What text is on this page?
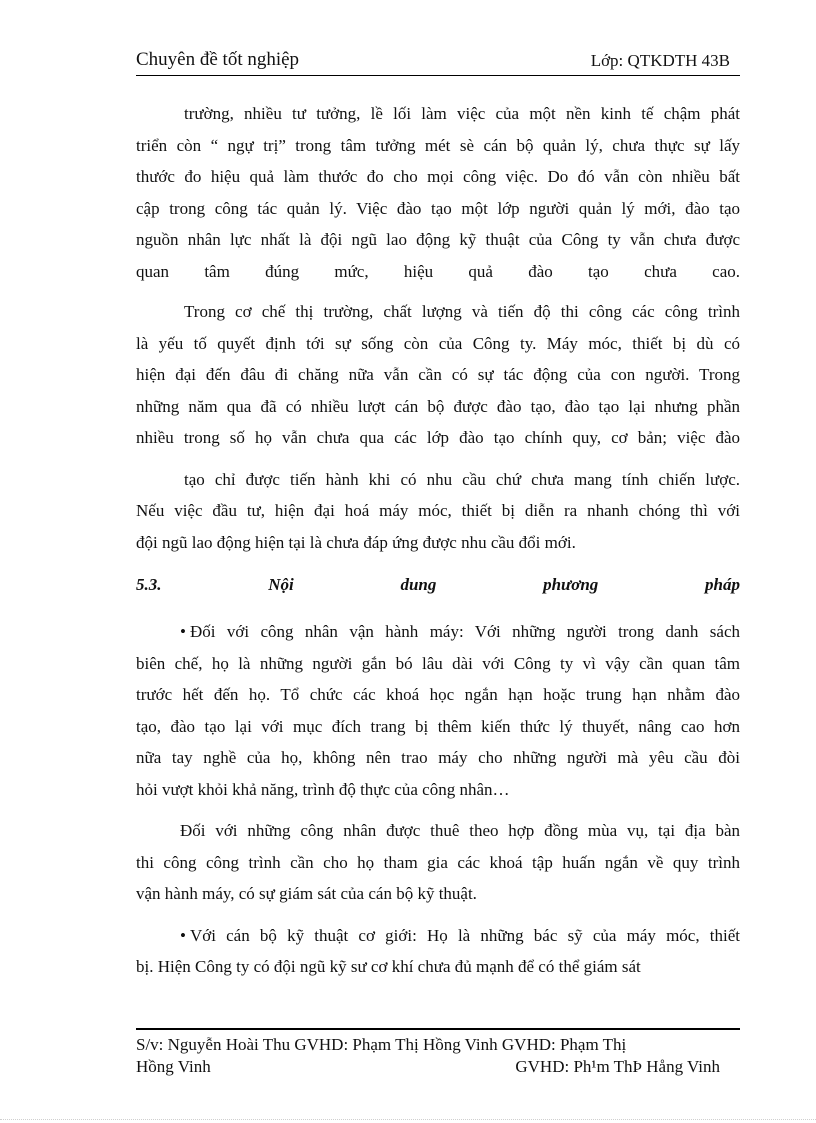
Chuyên đề tốt nghiệp	Lớp: QTKDTH 43B

trường, nhiều tư tưởng, lề lối làm việc của một nền kinh tế chậm phát
triển còn “ ngự trị” trong tâm tưởng mét sè cán bộ quản lý, chưa thực sự lấy
thước đo hiệu quả làm thước đo cho mọi công việc. Do đó vẫn còn nhiều bất
cập trong công tác quản lý. Việc đào tạo một lớp người quản lý mới, đào tạo
nguồn nhân lực nhất là đội ngũ lao động kỹ thuật của Công ty vẫn chưa được
quan tâm đúng mức, hiệu quả đào tạo chưa cao.

Trong cơ chế thị trường, chất lượng và tiến độ thi công các công trình
là yếu tố quyết định tới sự sống còn của Công ty. Máy móc, thiết bị dù có
hiện đại đến đâu đi chăng nữa vẫn cần có sự tác động của con người. Trong
những năm qua đã có nhiều lượt cán bộ được đào tạo, đào tạo lại nhưng phần
nhiều trong số họ vẫn chưa qua các lớp đào tạo chính quy, cơ bản; việc đào

tạo chỉ được tiến hành khi có nhu cầu chứ chưa mang tính chiến lược.
Nếu việc đầu tư, hiện đại hoá máy móc, thiết bị diễn ra nhanh chóng thì với
đội ngũ lao động hiện tại là chưa đáp ứng được nhu cầu đổi mới.

5.3.	Nội	dung	phương	pháp

• Đối với công nhân vận hành máy: Với những người trong danh sách
biên chế, họ là những người gắn bó lâu dài với Công ty vì vậy cần quan tâm
trước hết đến họ. Tổ chức các khoá học ngắn hạn hoặc trung hạn nhằm đào
tạo, đào tạo lại với mục đích trang bị thêm kiến thức lý thuyết, nâng cao hơn
nữa tay nghề của họ, không nên trao máy cho những người mà yêu cầu đòi
hỏi vượt khỏi khả năng, trình độ thực của công nhân…

Đối với những công nhân được thuê theo hợp đồng mùa vụ, tại địa bàn
thi công công trình cần cho họ tham gia các khoá tập huấn ngắn về quy trình
vận hành máy, có sự giám sát của cán bộ kỹ thuật.

• Với cán bộ kỹ thuật cơ giới: Họ là những bác sỹ của máy móc, thiết
bị. Hiện Công ty có đội ngũ kỹ sư cơ khí chưa đủ mạnh để có thể giám sát

S/v: Nguyễn Hoài Thu GVHD: Phạm Thị Hồng Vinh GVHD: Phạm Thị
Hồng Vinh	GVHD: Ph¹m ThÞ Hång Vinh
